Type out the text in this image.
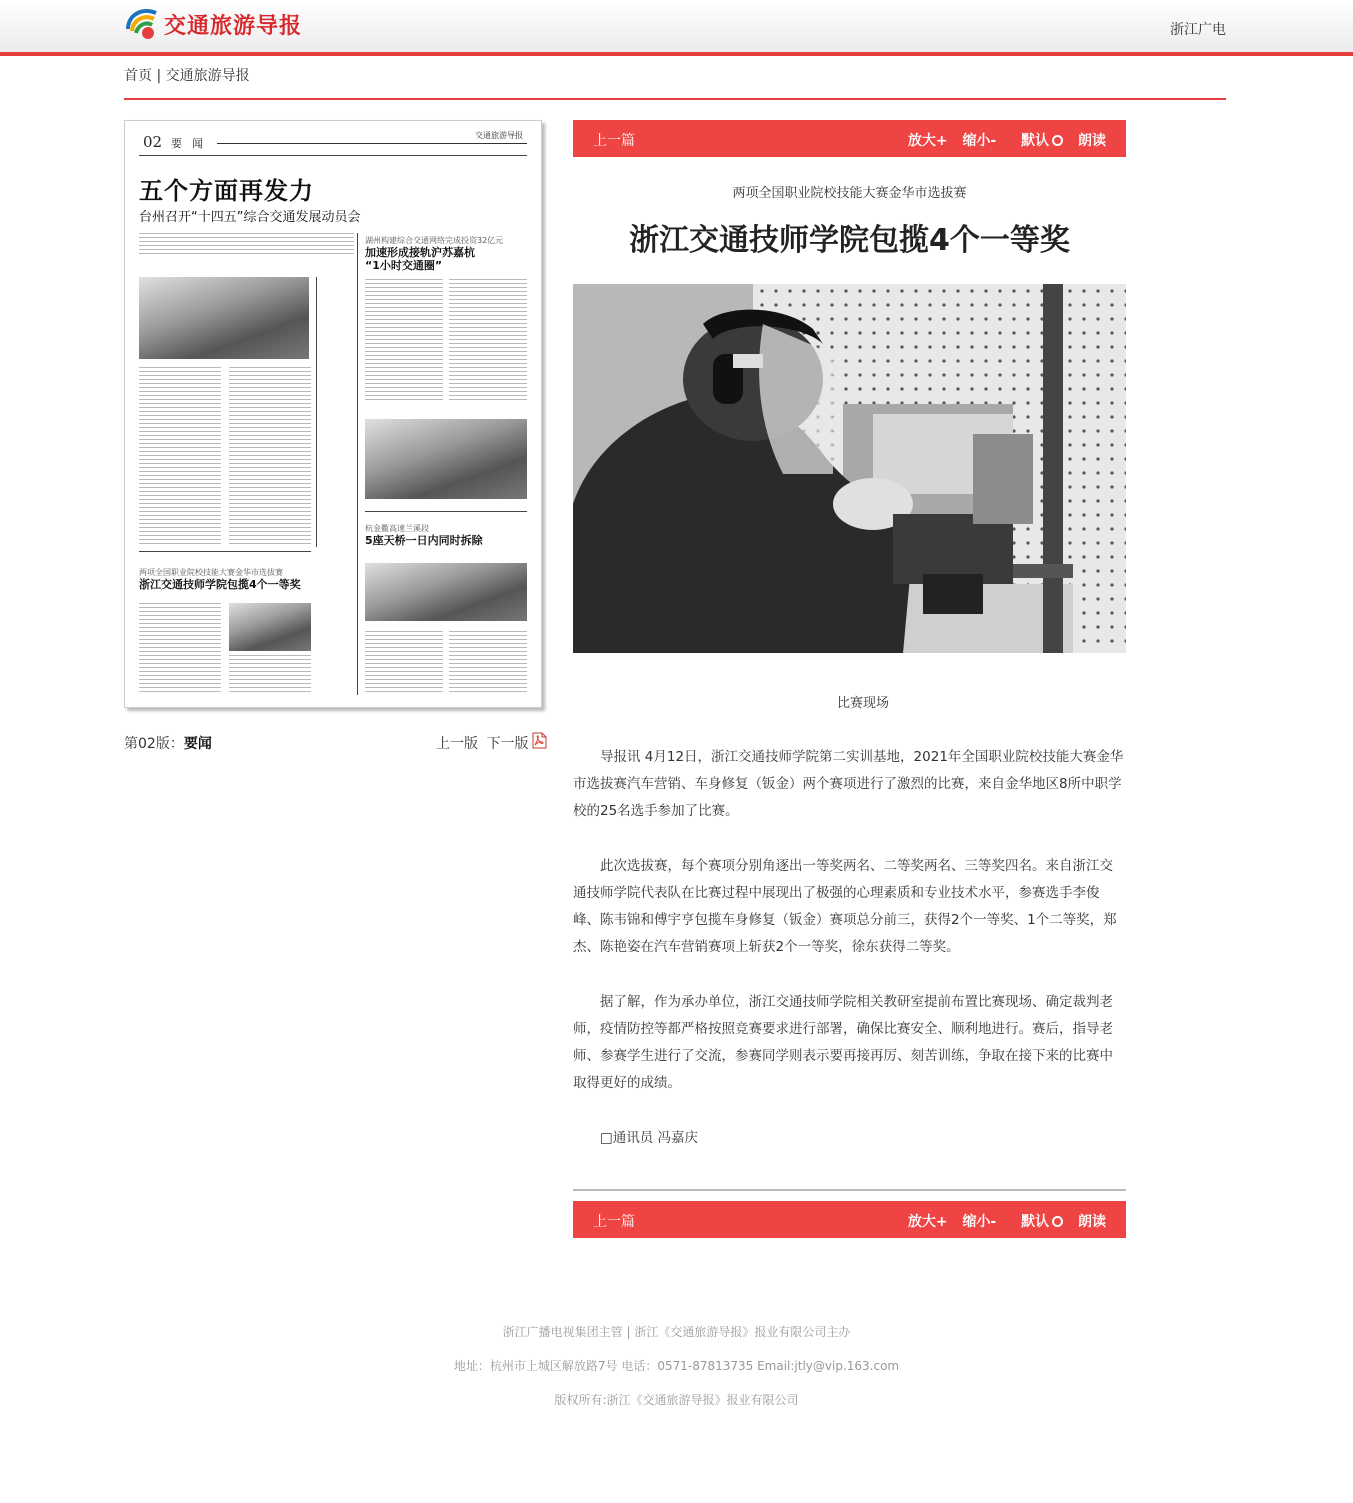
交通旅游导报	浙江广电
首页 | 交通旅游导报
02 要闻
交通旅游导报
五个方面再发力
台州召开“十四五”综合交通发展动员会
两项全国职业院校技能大赛金华市选拔赛
浙江交通技师学院包揽4个一等奖
湖州构建综合交通网络完成投资32亿元
加速形成接轨沪苏嘉杭
“1小时交通圈”
杭金衢高速兰溪段
5座天桥一日内同时拆除
第02版：要闻	上一版 下一版
上一篇	放大+ 缩小- 默认 朗读
两项全国职业院校技能大赛金华市选拔赛
浙江交通技师学院包揽4个一等奖
比赛现场

导报讯 4月12日，浙江交通技师学院第二实训基地，2021年全国职业院校技能大赛金华市选拔赛汽车营销、车身修复（钣金）两个赛项进行了激烈的比赛，来自金华地区8所中职学校的25名选手参加了比赛。

此次选拔赛，每个赛项分别角逐出一等奖两名、二等奖两名、三等奖四名。来自浙江交通技师学院代表队在比赛过程中展现出了极强的心理素质和专业技术水平，参赛选手李俊峰、陈韦锦和傅宇亨包揽车身修复（钣金）赛项总分前三，获得2个一等奖、1个二等奖，郑杰、陈艳姿在汽车营销赛项上斩获2个一等奖，徐东获得二等奖。

据了解，作为承办单位，浙江交通技师学院相关教研室提前布置比赛现场、确定裁判老师，疫情防控等都严格按照竞赛要求进行部署，确保比赛安全、顺利地进行。赛后，指导老师、参赛学生进行了交流，参赛同学则表示要再接再厉、刻苦训练，争取在接下来的比赛中取得更好的成绩。

□通讯员 冯嘉庆

上一篇	放大+ 缩小- 默认 朗读
浙江广播电视集团主管 | 浙江《交通旅游导报》报业有限公司主办
地址：杭州市上城区解放路7号 电话：0571-87813735 Email:jtly@vip.163.com
版权所有:浙江《交通旅游导报》报业有限公司
